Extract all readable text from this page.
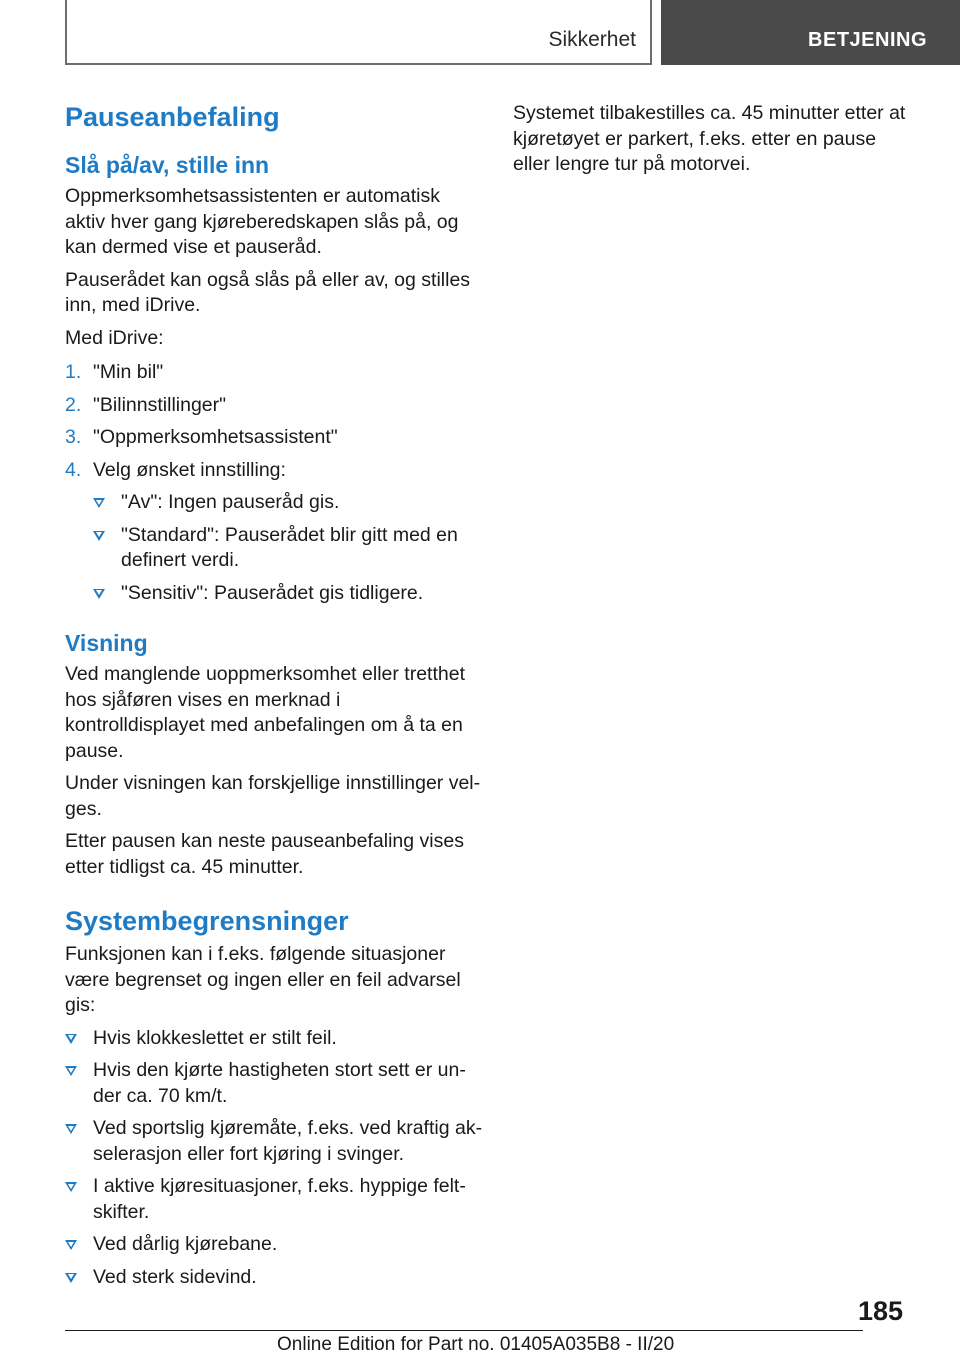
Sikkerhet	BETJENING
Pauseanbefaling
Slå på/av, stille inn

Oppmerksomhetsassistenten er automatisk aktiv hver gang kjøreberedskapen slås på, og kan dermed vise et pauseråd.

Pauserådet kan også slås på eller av, og stilles inn, med iDrive.

Med iDrive:

1. "Min bil"
2. "Bilinnstillinger"
3. "Oppmerksomhetsassistent"
4. Velg ønsket innstilling:
"Av": Ingen pauseråd gis.
"Standard": Pauserådet blir gitt med en definert verdi.
"Sensitiv": Pauserådet gis tidligere.
Visning

Ved manglende uoppmerksomhet eller tretthet hos sjåføren vises en merknad i kontrolldisplayet med anbefalingen om å ta en pause.

Under visningen kan forskjellige innstillinger velges.

Etter pausen kan neste pauseanbefaling vises etter tidligst ca. 45 minutter.

Systembegrensninger

Funksjonen kan i f.eks. følgende situasjoner være begrenset og ingen eller en feil advarsel gis:

Hvis klokkeslettet er stilt feil.
Hvis den kjørte hastigheten stort sett er under ca. 70 km/t.
Ved sportslig kjøremåte, f.eks. ved kraftig akselerasjon eller fort kjøring i svinger.
I aktive kjøresituasjoner, f.eks. hyppige feltskifter.
Ved dårlig kjørebane.
Ved sterk sidevind.

Systemet tilbakestilles ca. 45 minutter etter at kjøretøyet er parkert, f.eks. etter en pause eller lengre tur på motorvei.

185
Online Edition for Part no. 01405A035B8 - II/20
